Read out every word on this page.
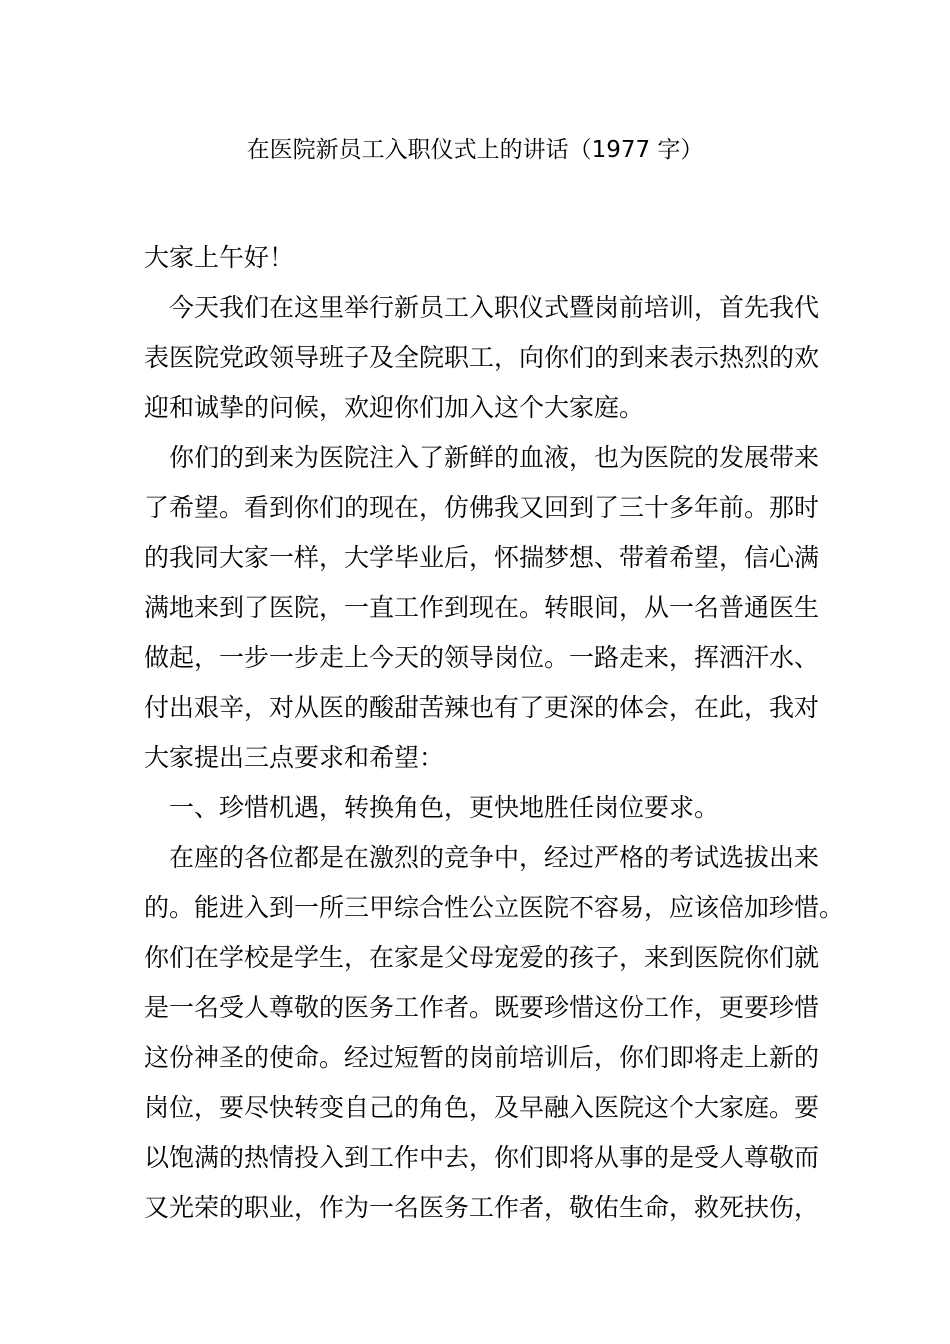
在医院新员工入职仪式上的讲话（1977 字）
大家上午好！
　今天我们在这里举行新员工入职仪式暨岗前培训，首先我代
表医院党政领导班子及全院职工，向你们的到来表示热烈的欢
迎和诚挚的问候，欢迎你们加入这个大家庭。
　你们的到来为医院注入了新鲜的血液，也为医院的发展带来
了希望。看到你们的现在，仿佛我又回到了三十多年前。那时
的我同大家一样，大学毕业后，怀揣梦想、带着希望，信心满
满地来到了医院，一直工作到现在。转眼间，从一名普通医生
做起，一步一步走上今天的领导岗位。一路走来，挥洒汗水、
付出艰辛，对从医的酸甜苦辣也有了更深的体会，在此，我对
大家提出三点要求和希望：
　一、珍惜机遇，转换角色，更快地胜任岗位要求。
　在座的各位都是在激烈的竞争中，经过严格的考试选拔出来
的。能进入到一所三甲综合性公立医院不容易，应该倍加珍惜。
你们在学校是学生，在家是父母宠爱的孩子，来到医院你们就
是一名受人尊敬的医务工作者。既要珍惜这份工作，更要珍惜
这份神圣的使命。经过短暂的岗前培训后，你们即将走上新的
岗位，要尽快转变自己的角色，及早融入医院这个大家庭。要
以饱满的热情投入到工作中去，你们即将从事的是受人尊敬而
又光荣的职业，作为一名医务工作者，敬佑生命，救死扶伤，
